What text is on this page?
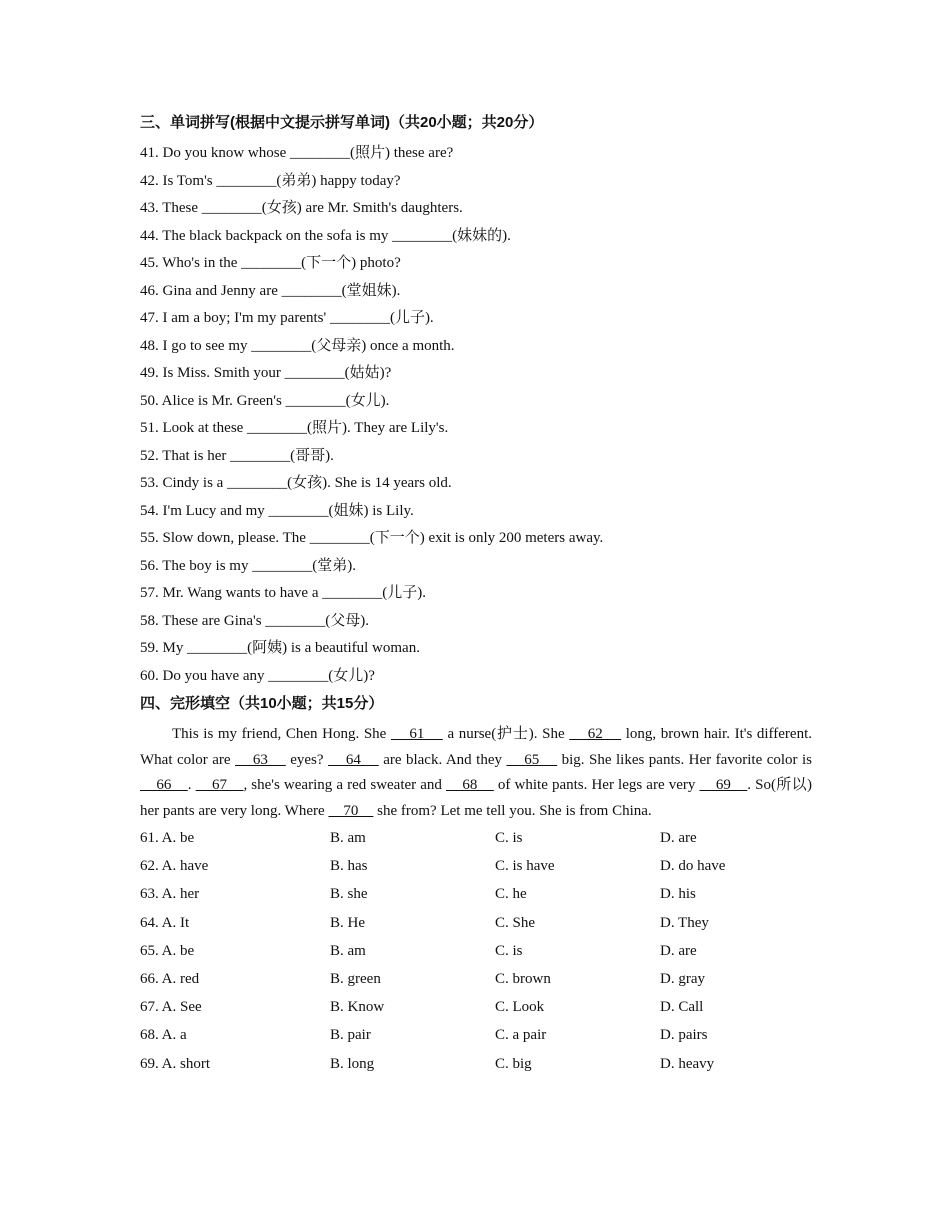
三、单词拼写(根据中文提示拼写单词)（共20小题；共20分）
41. Do you know whose ________(照片) these are?
42. Is Tom's ________(弟弟) happy today?
43. These ________(女孩) are Mr. Smith's daughters.
44. The black backpack on the sofa is my ________(妹妹的).
45. Who's in the ________(下一个) photo?
46. Gina and Jenny are ________(堂姐妹).
47. I am a boy; I'm my parents' ________(儿子).
48. I go to see my ________(父母亲) once a month.
49. Is Miss. Smith your ________(姑姑)?
50. Alice is Mr. Green's ________(女儿).
51. Look at these ________(照片). They are Lily's.
52. That is her ________(哥哥).
53. Cindy is a ________(女孩). She is 14 years old.
54. I'm Lucy and my ________(姐妹) is Lily.
55. Slow down, please. The ________(下一个) exit is only 200 meters away.
56. The boy is my ________(堂弟).
57. Mr. Wang wants to have a ________(儿子).
58. These are Gina's ________(父母).
59. My ________(阿姨) is a beautiful woman.
60. Do you have any ________(女儿)?
四、完形填空（共10小题；共15分）

This is my friend, Chen Hong. She     61     a nurse(护士). She     62     long, brown hair. It's different. What color are     63     eyes?     64     are black. And they     65     big. She likes pants. Her favorite color is     66    .     67    , she's wearing a red sweater and     68     of white pants. Her legs are very     69    . So(所以) her pants are very long. Where     70     she from? Let me tell you. She is from China.

61. A. be	B. am	C. is	D. are
62. A. have	B. has	C. is have	D. do have
63. A. her	B. she	C. he	D. his
64. A. It	B. He	C. She	D. They
65. A. be	B. am	C. is	D. are
66. A. red	B. green	C. brown	D. gray
67. A. See	B. Know	C. Look	D. Call
68. A. a	B. pair	C. a pair	D. pairs
69. A. short	B. long	C. big	D. heavy
